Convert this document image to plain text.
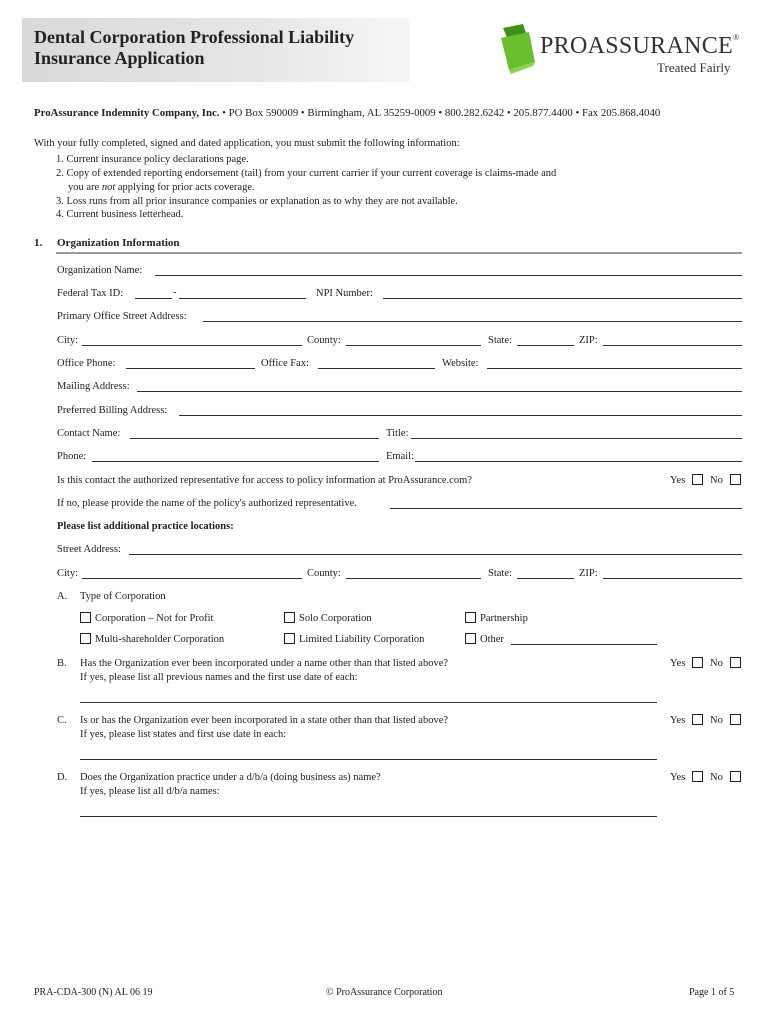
Dental Corporation Professional Liability
Insurance Application	PROASSURANCE®
Treated Fairly
ProAssurance Indemnity Company, Inc. • PO Box 590009 • Birmingham, AL 35259-0009 • 800.282.6242 • 205.877.4400 • Fax 205.868.4040
With your fully completed, signed and dated application, you must submit the following information:
1. Current insurance policy declarations page.
2. Copy of extended reporting endorsement (tail) from your current carrier if your current coverage is claims-made and
you are not applying for prior acts coverage.
3. Loss runs from all prior insurance companies or explanation as to why they are not available.
4. Current business letterhead.
1. Organization Information
Organization Name:
Federal Tax ID:	-	NPI Number:
Primary Office Street Address:
City:	County:	State:	ZIP:
Office Phone:	Office Fax:	Website:
Mailing Address:
Preferred Billing Address:
Contact Name:	Title:
Phone:	Email:
Is this contact the authorized representative for access to policy information at ProAssurance.com?	Yes No
If no, please provide the name of the policy's authorized representative.
Please list additional practice locations:
Street Address:
City:	County:	State:	ZIP:
A. Type of Corporation
Corporation – Not for Profit	Solo Corporation	Partnership
Multi-shareholder Corporation	Limited Liability Corporation	Other
B. Has the Organization ever been incorporated under a name other than that listed above?
If yes, please list all previous names and the first use date of each:
Yes No
C. Is or has the Organization ever been incorporated in a state other than that listed above?
If yes, please list states and first use date in each:
Yes No
D. Does the Organization practice under a d/b/a (doing business as) name?
If yes, please list all d/b/a names:
Yes No
PRA-CDA-300 (N) AL 06 19	© ProAssurance Corporation	Page 1 of 5
